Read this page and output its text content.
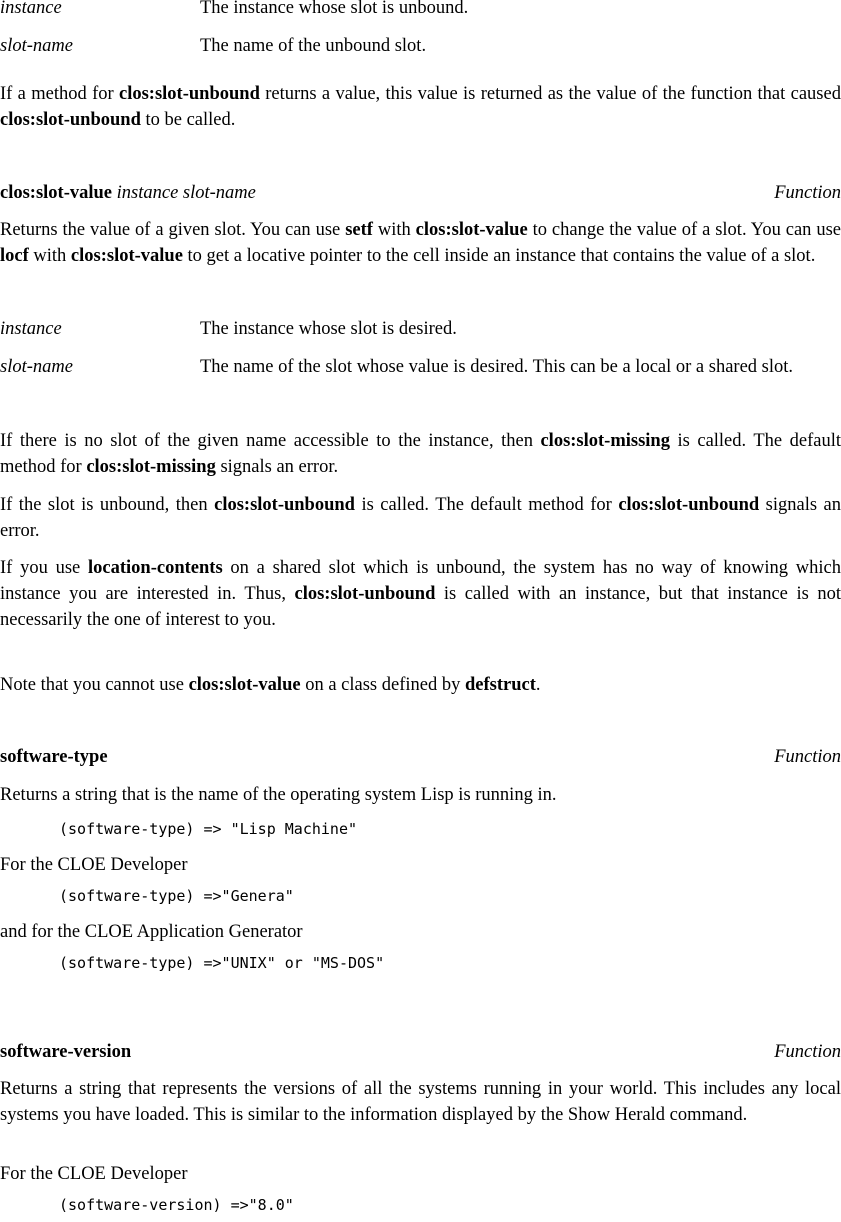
instance	The instance whose slot is unbound.
slot-name	The name of the unbound slot.

If a method for clos:slot-unbound returns a value, this value is returned as the value of the function that caused clos:slot-unbound to be called.

clos:slot-value instance slot-name	Function

Returns the value of a given slot. You can use setf with clos:slot-value to change the value of a slot. You can use locf with clos:slot-value to get a locative pointer to the cell inside an instance that contains the value of a slot.

instance	The instance whose slot is desired.
slot-name	The name of the slot whose value is desired. This can be a local or a shared slot.

If there is no slot of the given name accessible to the instance, then clos:slot-missing is called. The default method for clos:slot-missing signals an error.

If the slot is unbound, then clos:slot-unbound is called. The default method for clos:slot-unbound signals an error.

If you use location-contents on a shared slot which is unbound, the system has no way of knowing which instance you are interested in. Thus, clos:slot-unbound is called with an instance, but that instance is not necessarily the one of interest to you.

Note that you cannot use clos:slot-value on a class defined by defstruct.

software-type	Function

Returns a string that is the name of the operating system Lisp is running in.

(software-type) => "Lisp Machine"

For the CLOE Developer

(software-type) =>"Genera"

and for the CLOE Application Generator

(software-type) =>"UNIX" or "MS-DOS"
software-version	Function

Returns a string that represents the versions of all the systems running in your world. This includes any local systems you have loaded. This is similar to the information displayed by the Show Herald command.

For the CLOE Developer

(software-version) =>"8.0"
